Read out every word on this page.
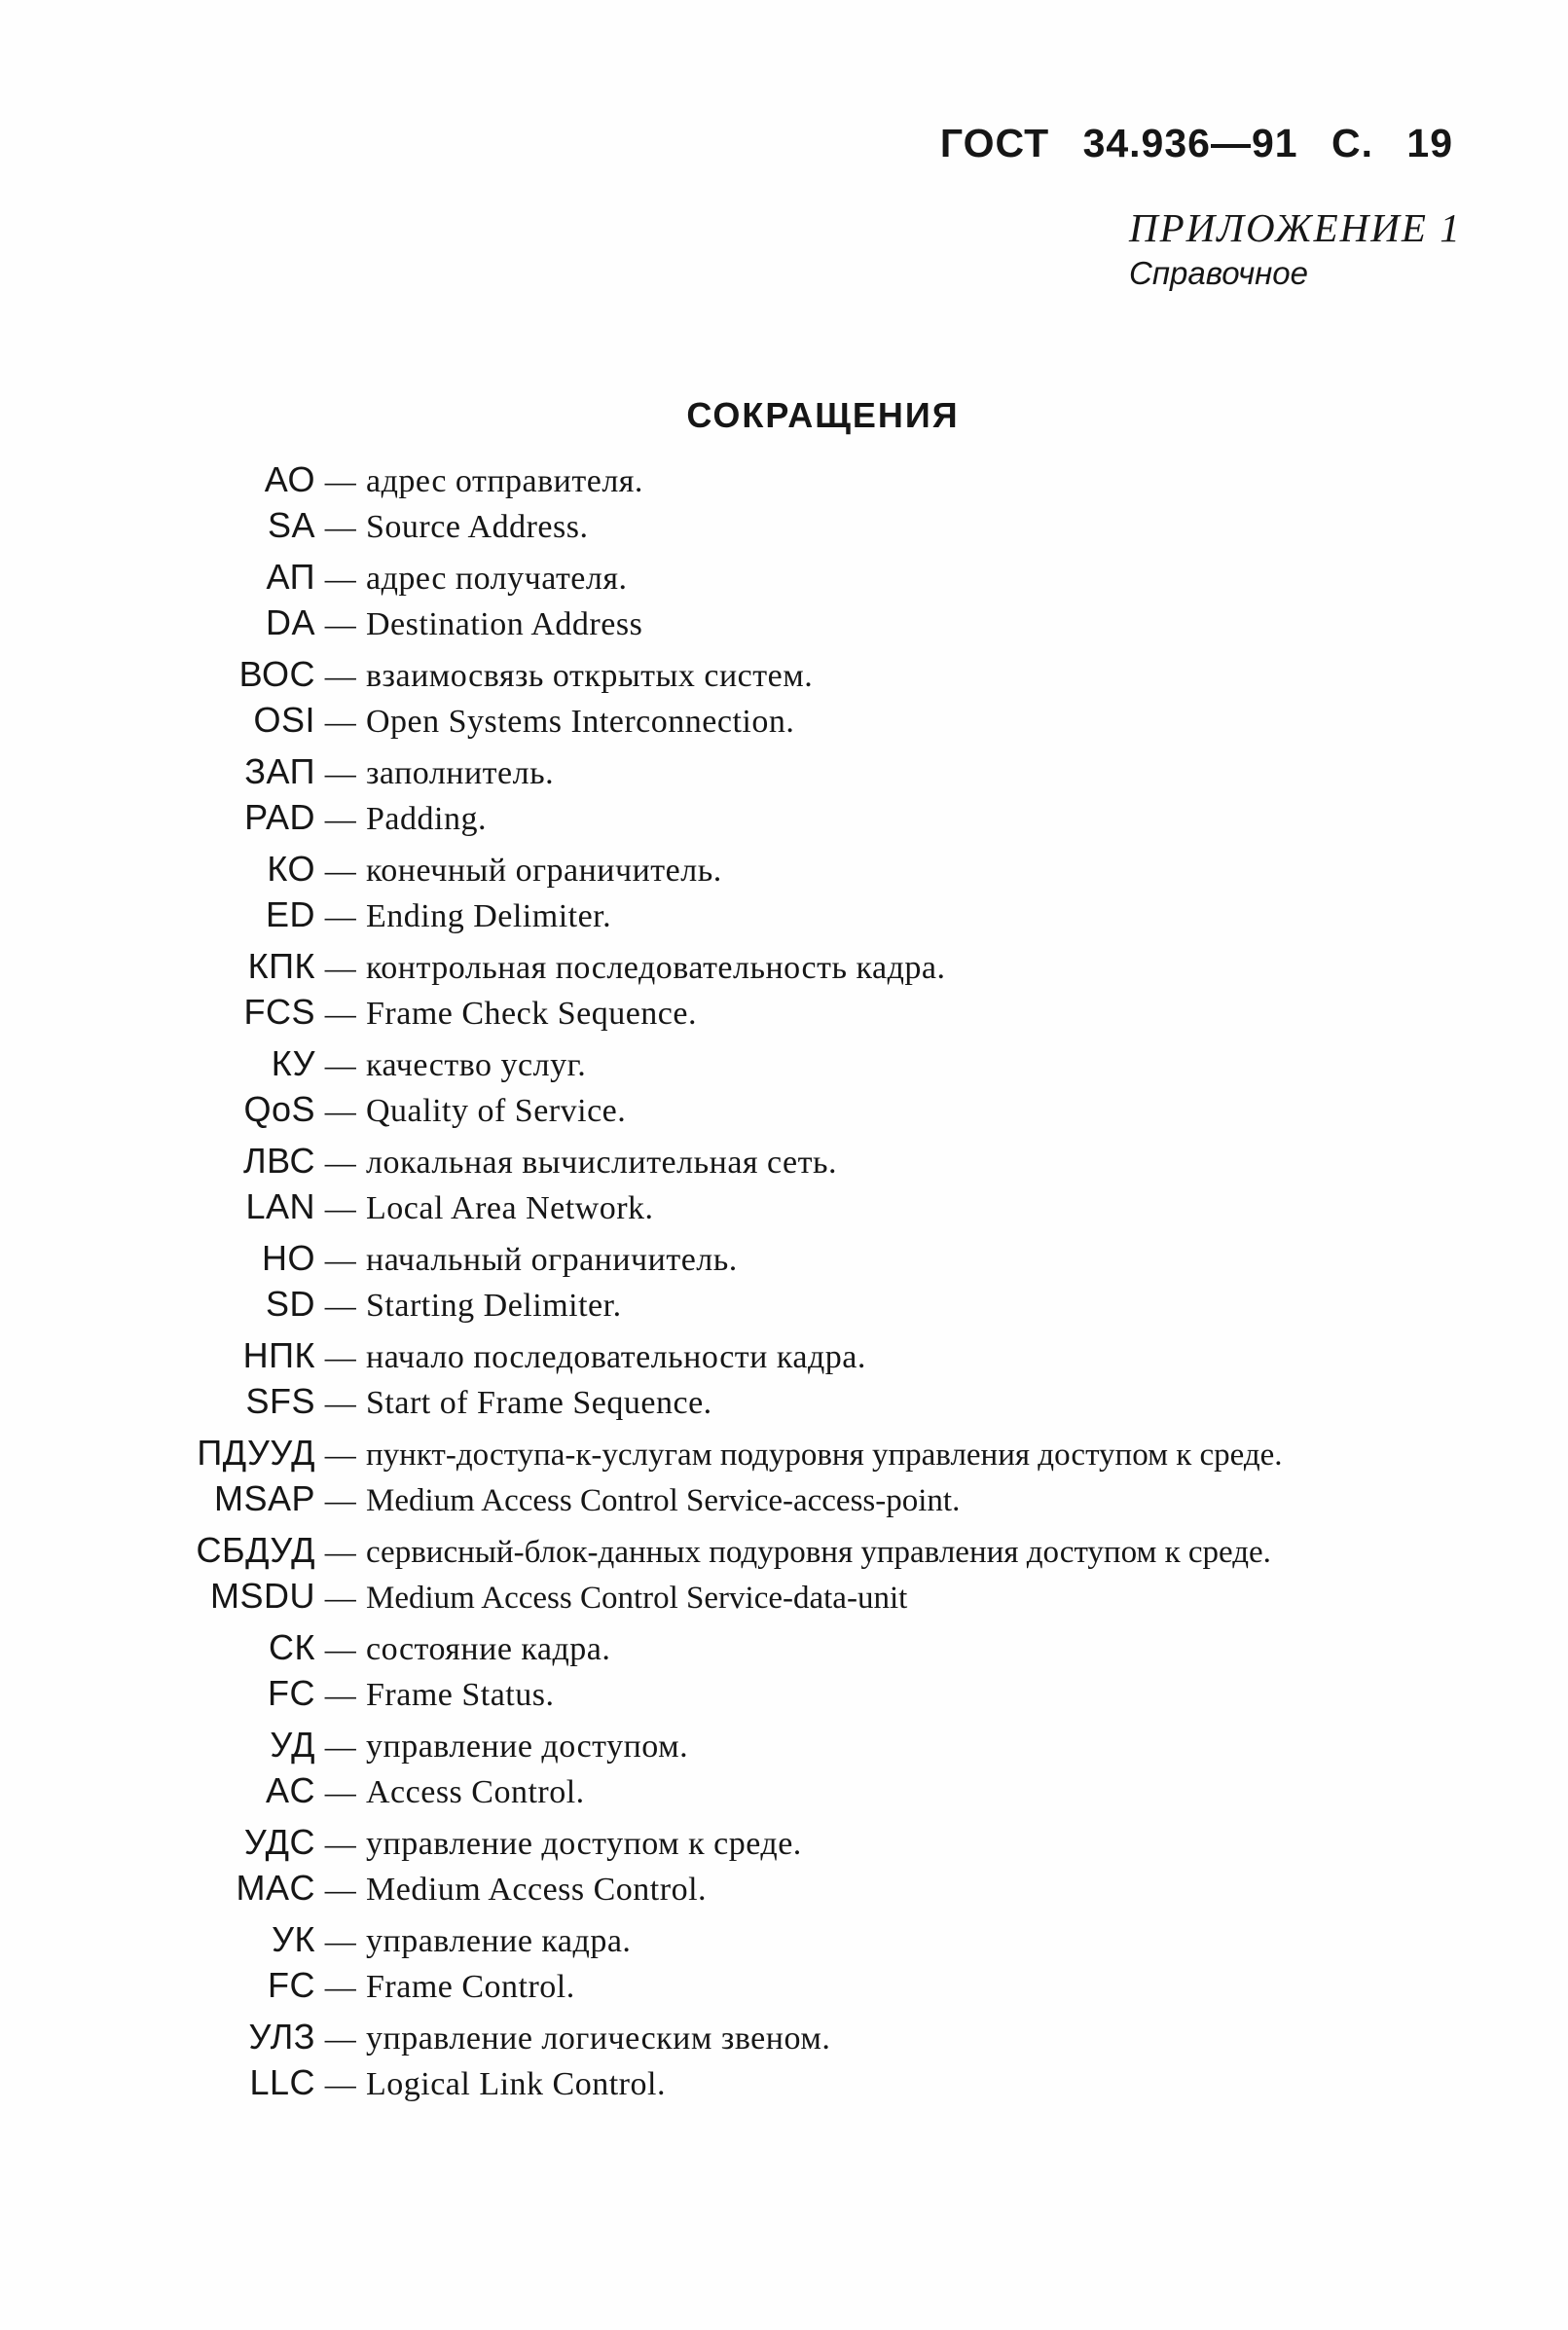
ГОСТ 34.936—91 С. 19
ПРИЛОЖЕНИЕ 1
Справочное
СОКРАЩЕНИЯ
АО — адрес отправителя.
SA — Source Address.
АП — адрес получателя.
DA — Destination Address
ВОС — взаимосвязь открытых систем.
OSI — Open Systems Interconnection.
ЗАП — заполнитель.
PAD — Padding.
КО — конечный ограничитель.
ED — Ending Delimiter.
КПК — контрольная последовательность кадра.
FCS — Frame Check Sequence.
КУ — качество услуг.
QoS — Quality of Service.
ЛВС — локальная вычислительная сеть.
LAN — Local Area Network.
НО — начальный ограничитель.
SD — Starting Delimiter.
НПК — начало последовательности кадра.
SFS — Start of Frame Sequence.
ПДУУД — пункт-доступа-к-услугам подуровня управления доступом к среде.
MSAP — Medium Access Control Service-access-point.
СБДУД — сервисный-блок-данных подуровня управления доступом к среде.
MSDU — Medium Access Control Service-data-unit
СК — состояние кадра.
FC — Frame Status.
УД — управление доступом.
AC — Access Control.
УДС — управление доступом к среде.
MAC — Medium Access Control.
УК — управление кадра.
FC — Frame Control.
УЛЗ — управление логическим звеном.
LLC — Logical Link Control.
